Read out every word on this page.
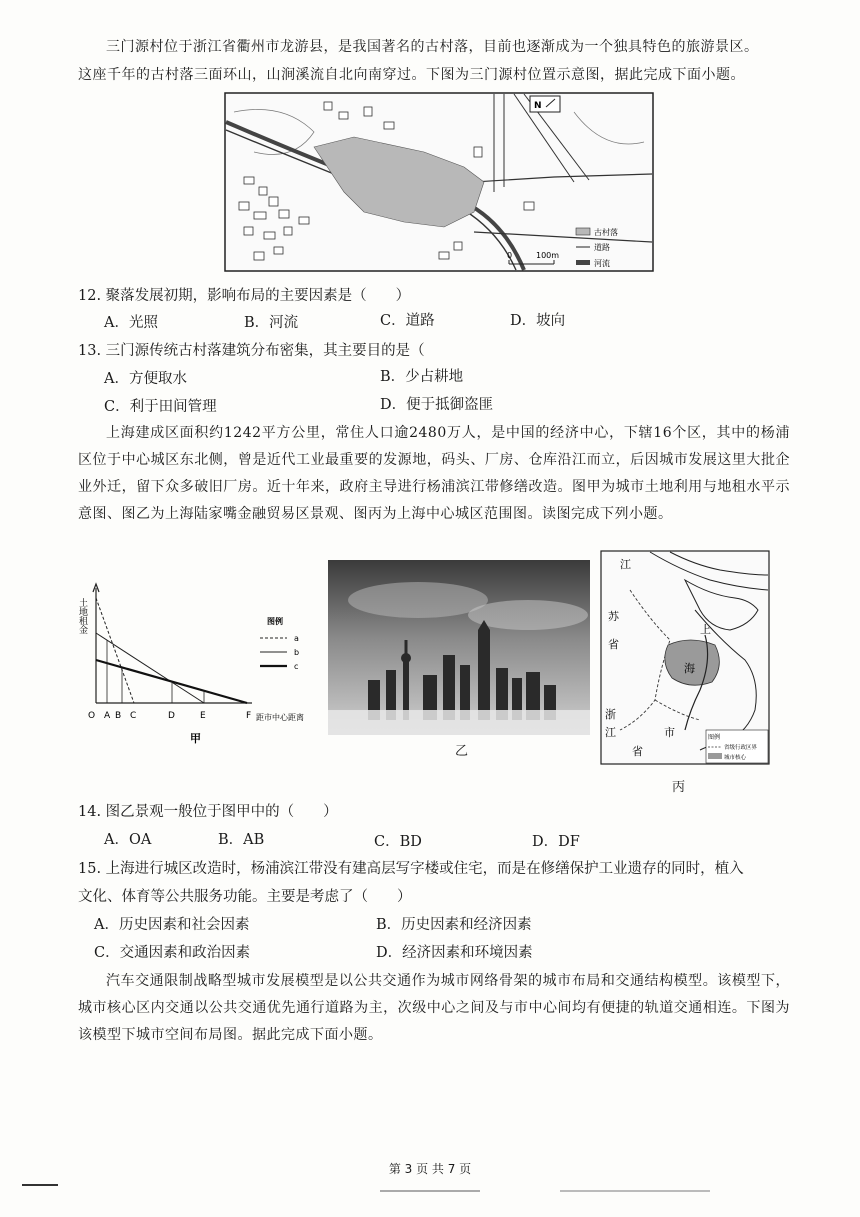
三门源村位于浙江省衢州市龙游县，是我国著名的古村落，目前也逐渐成为一个独具特色的旅游景区。
这座千年的古村落三面环山，山涧溪流自北向南穿过。下图为三门源村位置示意图，据此完成下面小题。
N
古村落
道路
河流
0	100m
12. 聚落发展初期，影响布局的主要因素是（　　）
A．光照	B．河流	C．道路	D．坡向
13. 三门源传统古村落建筑分布密集，其主要目的是（
A．方便取水	B．少占耕地
C．利于田间管理	D．便于抵御盗匪
上海建成区面积约1242平方公里，常住人口逾2480万人，是中国的经济中心，下辖16个区，其中的杨浦区位于中心城区东北侧，曾是近代工业最重要的发源地，码头、厂房、仓库沿江而立，后因城市发展这里大批企业外迁，留下众多破旧厂房。近十年来，政府主导进行杨浦滨江带修缮改造。图甲为城市土地利用与地租水平示意图、图乙为上海陆家嘴金融贸易区景观、图丙为上海中心城区范围图。读图完成下列小题。
土地租金
O A B C	D	E	F 距市中心距离
图例
a
b
c
甲
乙
江
苏
省
上
海
浙
江
省
市	图例
省级行政区界
城市核心
丙
14. 图乙景观一般位于图甲中的（　　）
A．OA	B．AB	C．BD	D．DF
15. 上海进行城区改造时，杨浦滨江带没有建高层写字楼或住宅，而是在修缮保护工业遗存的同时，植入
文化、体育等公共服务功能。主要是考虑了（　　）
A．历史因素和社会因素	B．历史因素和经济因素
C．交通因素和政治因素	D．经济因素和环境因素
汽车交通限制战略型城市发展模型是以公共交通作为城市网络骨架的城市布局和交通结构模型。该模型下，城市核心区内交通以公共交通优先通行道路为主，次级中心之间及与市中心间均有便捷的轨道交通相连。下图为该模型下城市空间布局图。据此完成下面小题。
第 3 页 共 7 页
